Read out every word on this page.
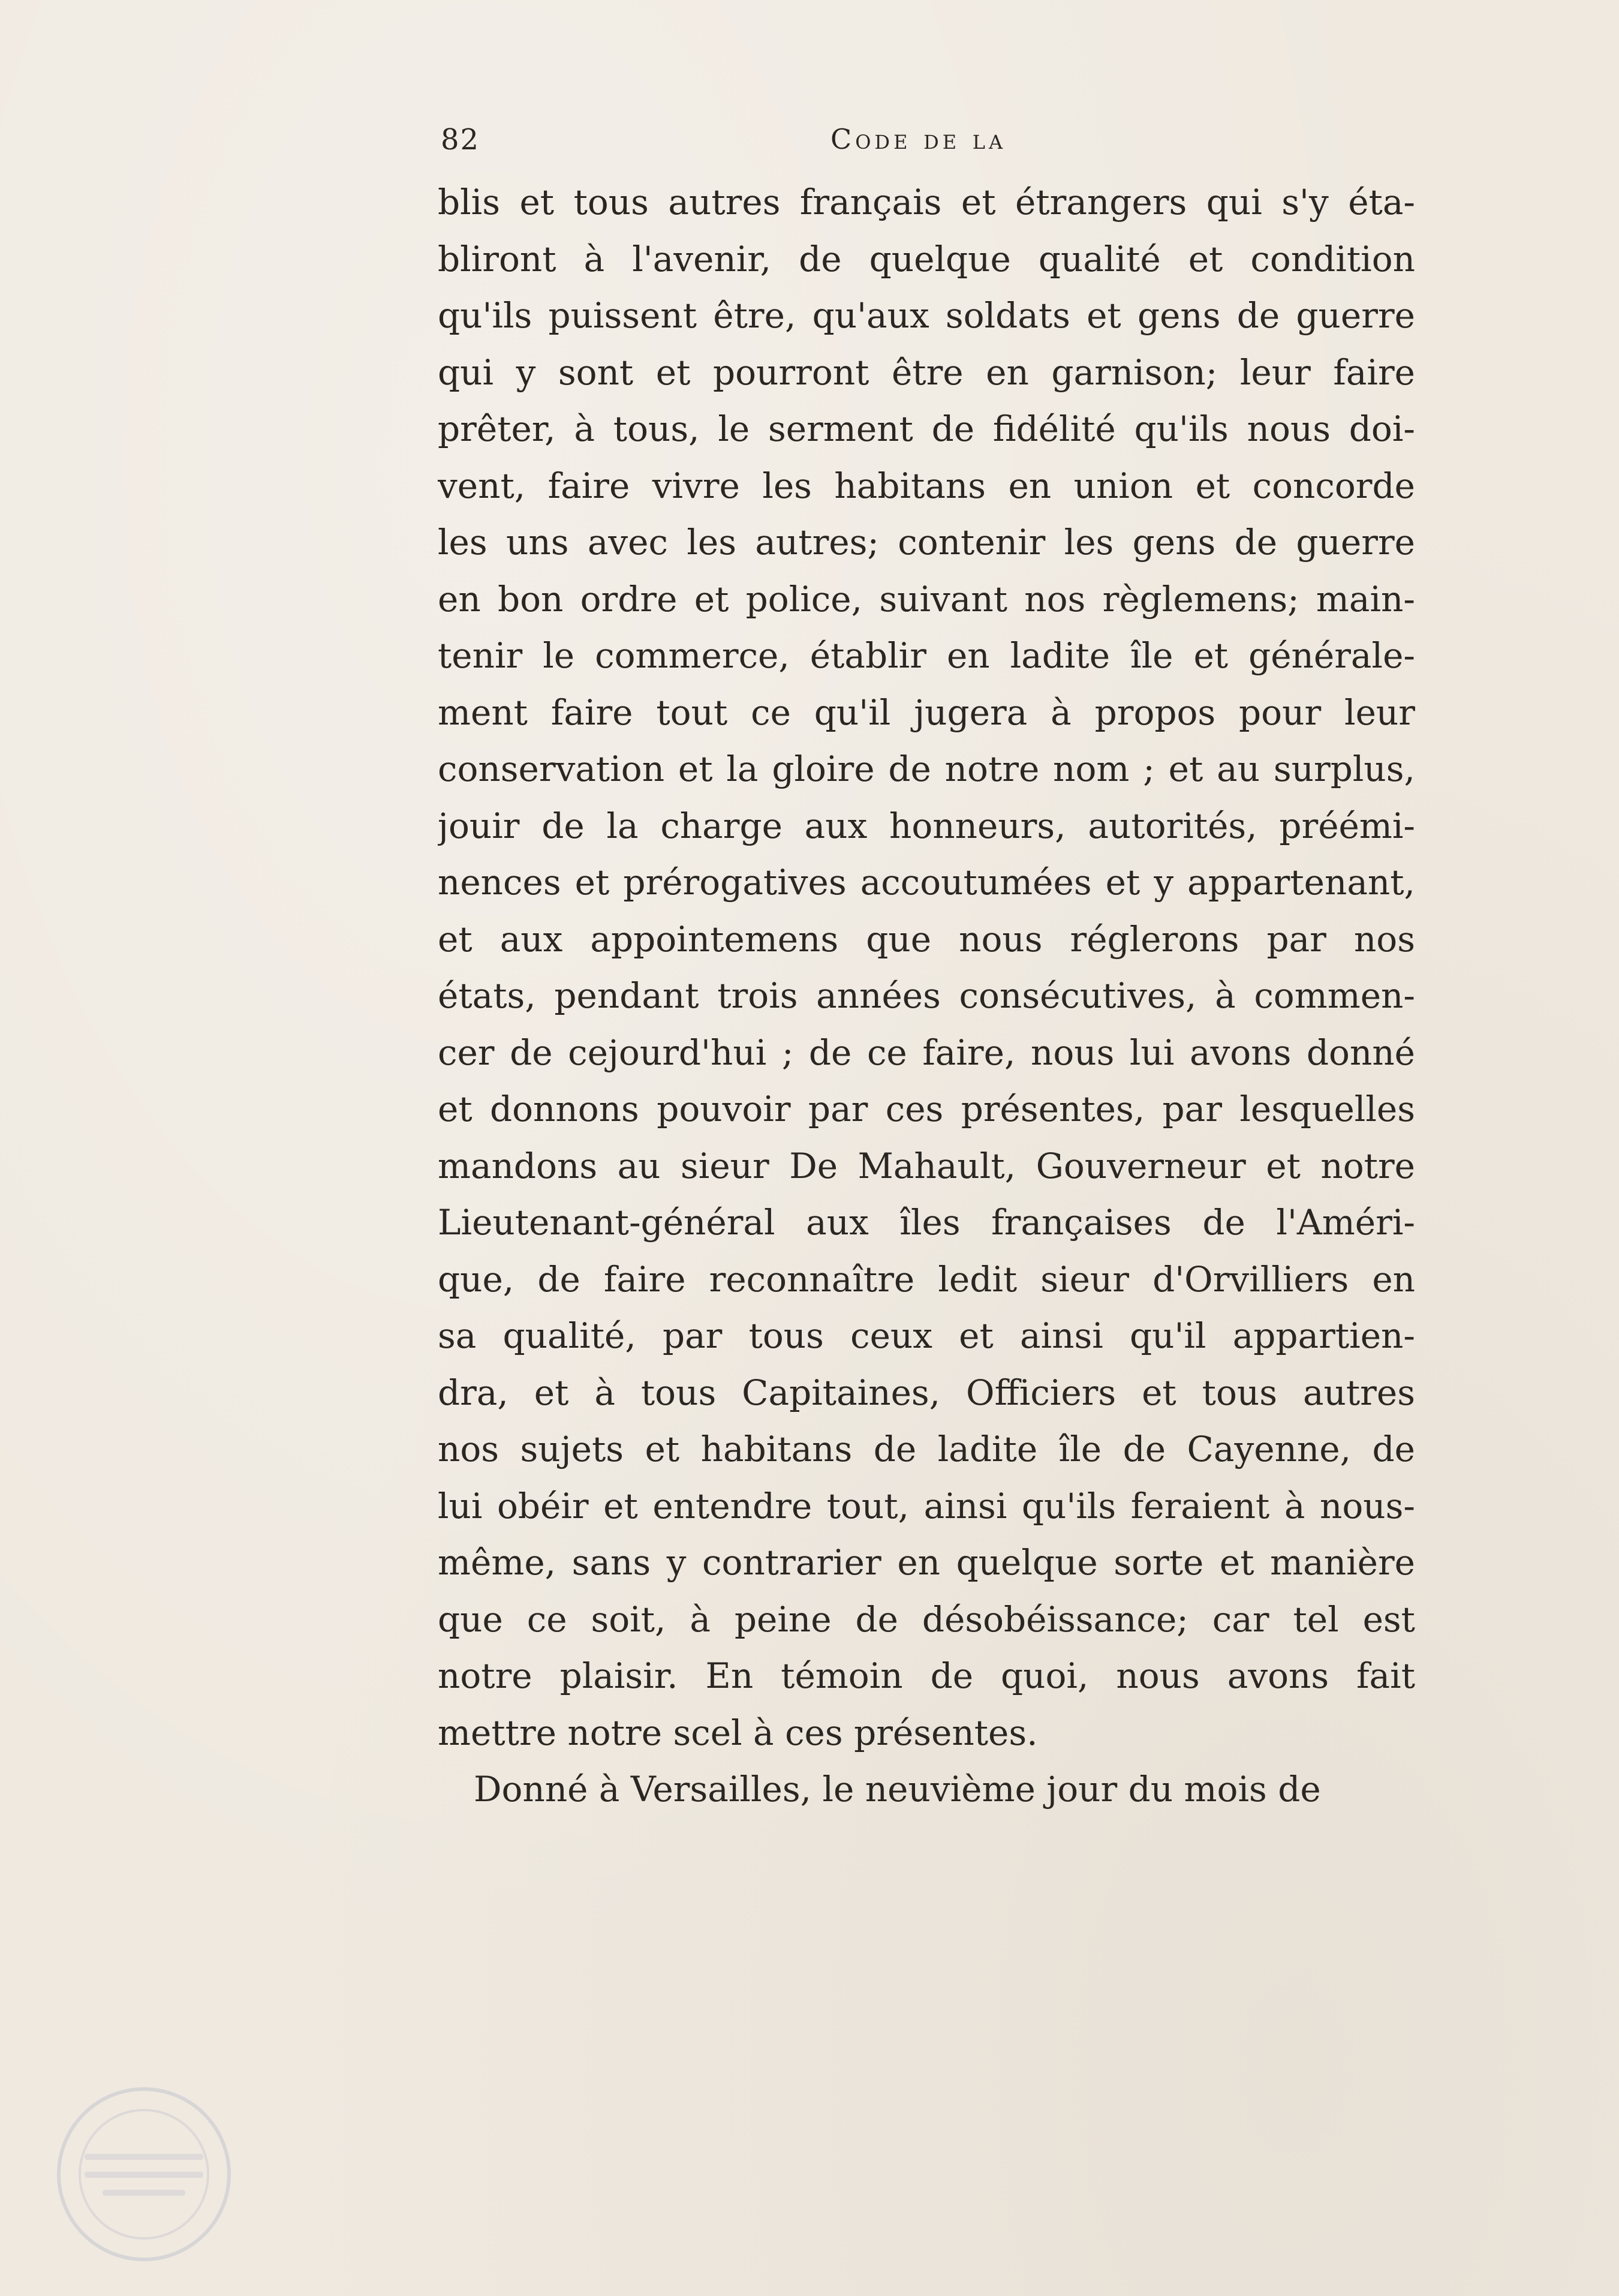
82	Code de la
blis et tous autres français et étrangers qui s'y éta-
bliront à l'avenir, de quelque qualité et condition
qu'ils puissent être, qu'aux soldats et gens de guerre
qui y sont et pourront être en garnison; leur faire
prêter, à tous, le serment de fidélité qu'ils nous doi-
vent, faire vivre les habitans en union et concorde
les uns avec les autres; contenir les gens de guerre
en bon ordre et police, suivant nos règlemens; main-
tenir le commerce, établir en ladite île et générale-
ment faire tout ce qu'il jugera à propos pour leur
conservation et la gloire de notre nom ; et au surplus,
jouir de la charge aux honneurs, autorités, préémi-
nences et prérogatives accoutumées et y appartenant,
et aux appointemens que nous réglerons par nos
états, pendant trois années consécutives, à commen-
cer de cejourd'hui ; de ce faire, nous lui avons donné
et donnons pouvoir par ces présentes, par lesquelles
mandons au sieur De Mahault, Gouverneur et notre
Lieutenant-général aux îles françaises de l'Améri-
que, de faire reconnaître ledit sieur d'Orvilliers en
sa qualité, par tous ceux et ainsi qu'il appartien-
dra, et à tous Capitaines, Officiers et tous autres
nos sujets et habitans de ladite île de Cayenne, de
lui obéir et entendre tout, ainsi qu'ils feraient à nous-
même, sans y contrarier en quelque sorte et manière
que ce soit, à peine de désobéissance; car tel est
notre plaisir. En témoin de quoi, nous avons fait
mettre notre scel à ces présentes.
Donné à Versailles, le neuvième jour du mois de
